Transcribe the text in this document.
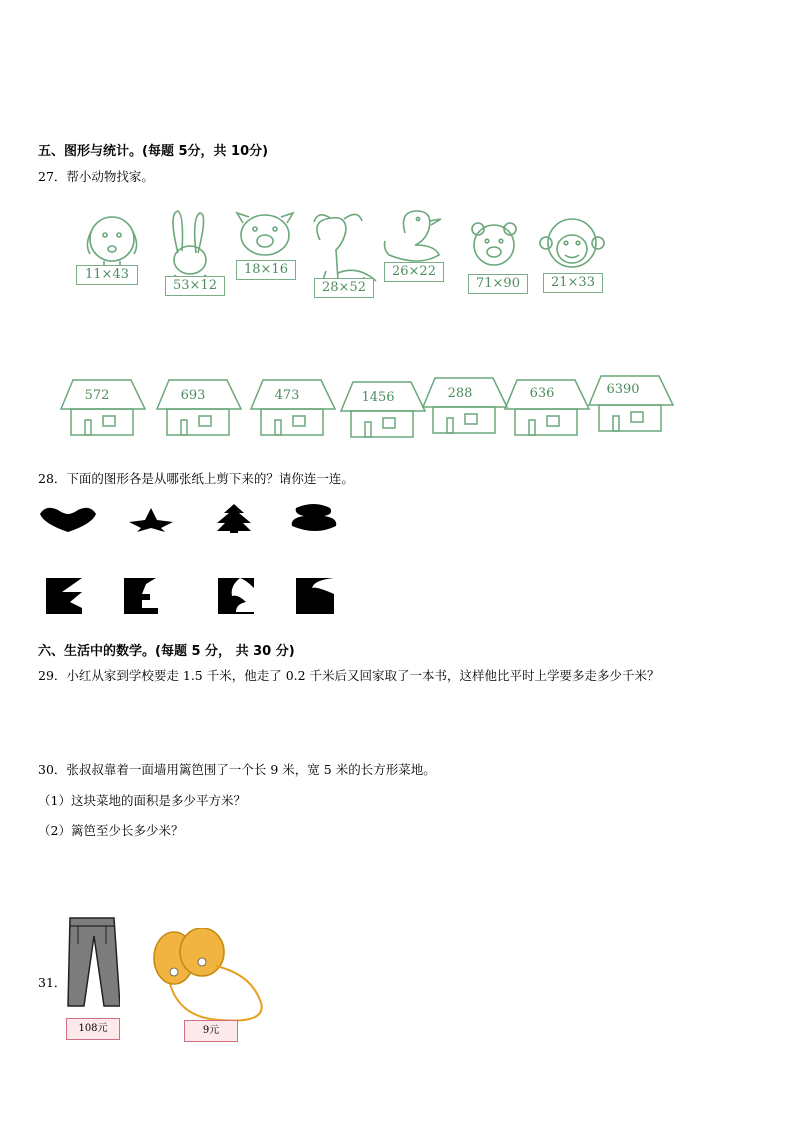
五、图形与统计。(每题 5分，共 10分)
27．帮小动物找家。
11×43
53×12
18×16
28×52
26×22
71×90	21×33
572	693	473	1456	288	636	6390
28．下面的图形各是从哪张纸上剪下来的？请你连一连。
六、生活中的数学。(每题 5 分， 共 30 分)
29．小红从家到学校要走 1.5 千米，他走了 0.2 千米后又回家取了一本书，这样他比平时上学要多走多少千米？
30．张叔叔靠着一面墙用篱笆围了一个长 9 米，宽 5 米的长方形菜地。
（1）这块菜地的面积是多少平方米？
（2）篱笆至少长多少米？
31．
108元	9元
